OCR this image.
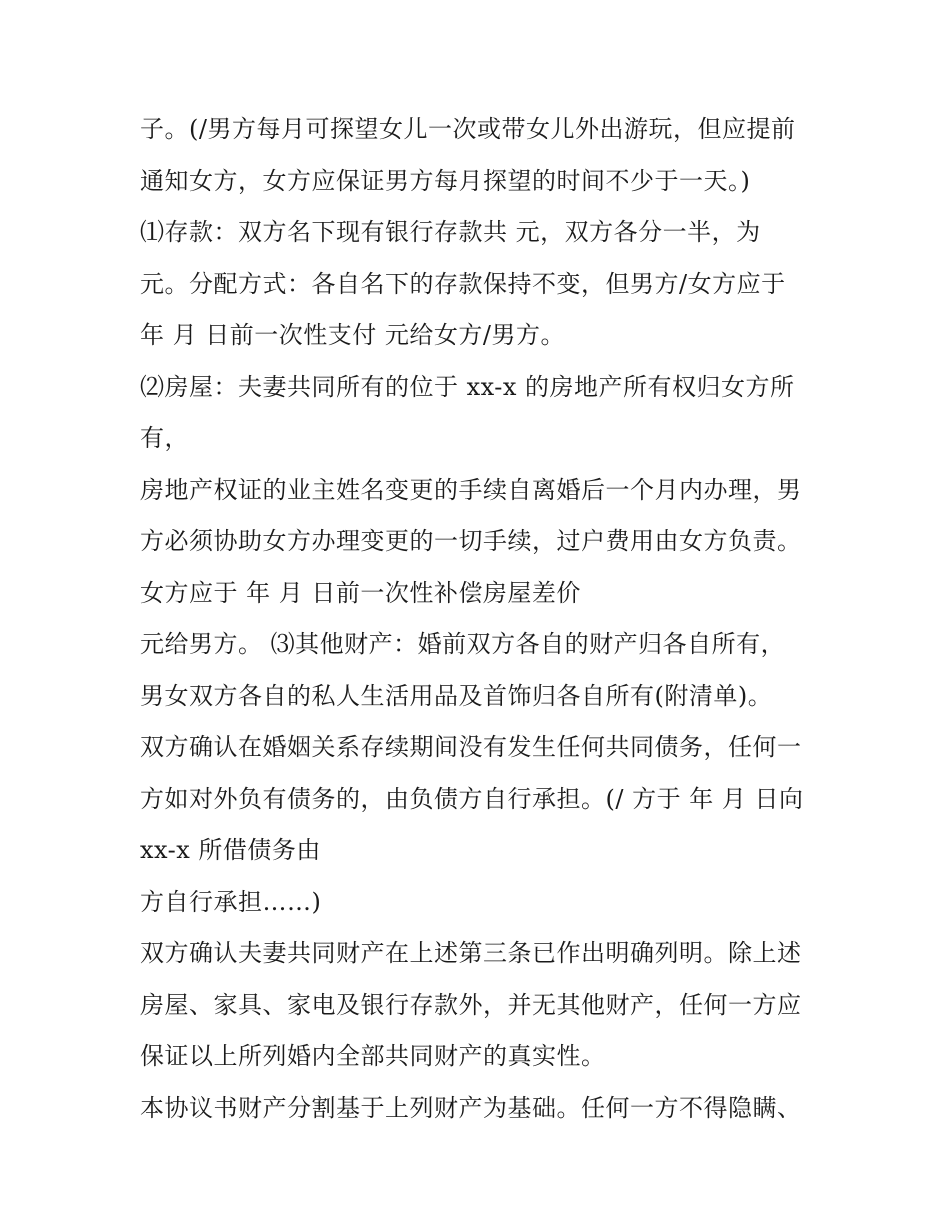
子。(/男方每月可探望女儿一次或带女儿外出游玩，但应提前
通知女方，女方应保证男方每月探望的时间不少于一天。)
⑴存款：双方名下现有银行存款共 元，双方各分一半，为
元。分配方式：各自名下的存款保持不变，但男方/女方应于
年 月 日前一次性支付 元给女方/男方。
⑵房屋：夫妻共同所有的位于 xx-x 的房地产所有权归女方所
有，
房地产权证的业主姓名变更的手续自离婚后一个月内办理，男
方必须协助女方办理变更的一切手续，过户费用由女方负责。
女方应于 年 月 日前一次性补偿房屋差价
元给男方。 ⑶其他财产：婚前双方各自的财产归各自所有，
男女双方各自的私人生活用品及首饰归各自所有(附清单)。
双方确认在婚姻关系存续期间没有发生任何共同债务，任何一
方如对外负有债务的，由负债方自行承担。(/ 方于 年 月 日向
xx-x 所借债务由
方自行承担……)
双方确认夫妻共同财产在上述第三条已作出明确列明。除上述
房屋、家具、家电及银行存款外，并无其他财产，任何一方应
保证以上所列婚内全部共同财产的真实性。
本协议书财产分割基于上列财产为基础。任何一方不得隐瞒、
